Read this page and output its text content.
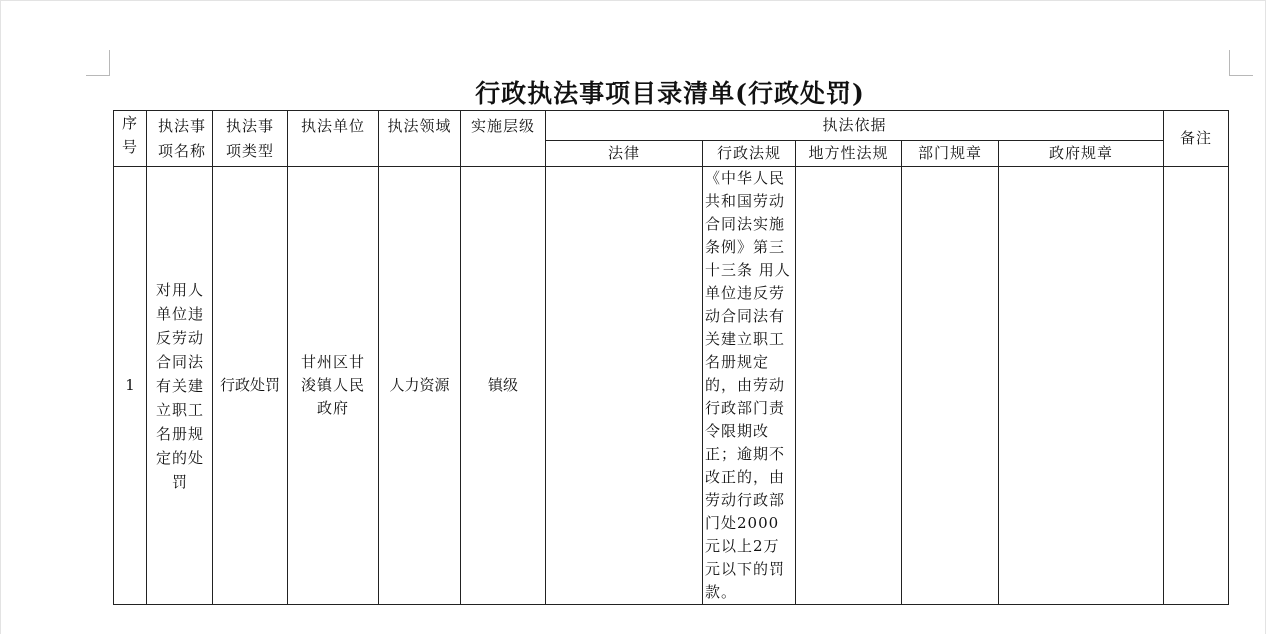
行政执法事项目录清单(行政处罚)
序号	执法事项名称	执法事项类型	执法单位	执法领域	实施层级	执法依据					备注
						法律	行政法规	地方性法规	部门规章	政府规章	
1	对用人单位违反劳动合同法有关建立职工名册规定的处罚	行政处罚	甘州区甘浚镇人民政府	人力资源	镇级		《中华人民共和国劳动合同法实施条例》第三十三条 用人单位违反劳动合同法有关建立职工名册规定的，由劳动行政部门责令限期改正；逾期不改正的，由劳动行政部门处2000元以上2万元以下的罚款。				
